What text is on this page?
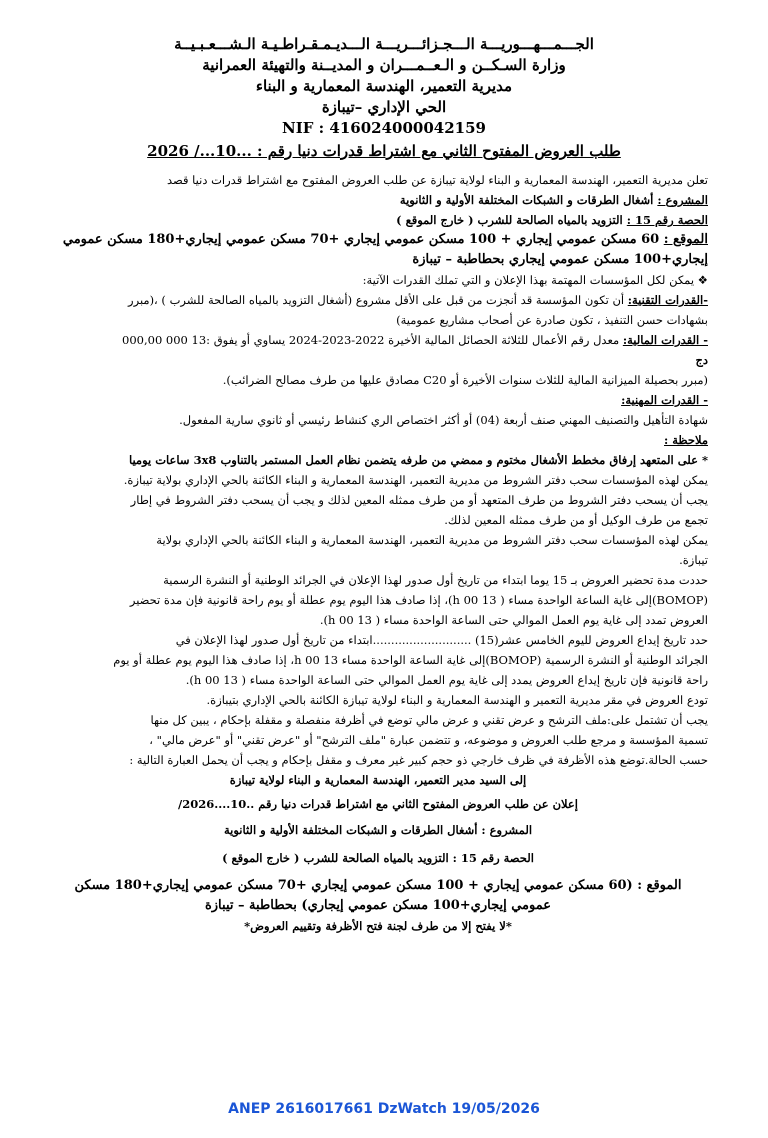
الجـــمـــهـــوريـــة الـــجـزائـــريـــة الـــديـمـقـراطـيـة الـشـــعـبـيــة
وزارة السـكــن و الـعــمـــران و المديــنة والتهيئة العمرانية
مديرية التعمير، الهندسة المعمارية و البناء
الحي الإداري –تيبازة
NIF : 416024000042159
طلب العروض المفتوح الثاني مع اشتراط قدرات دنيا رقم : ...10.../ 2026

تعلن مديرية التعمير، الهندسة المعمارية و البناء لولاية تيبازة عن طلب العروض المفتوح مع اشتراط قدرات دنيا قصد

المشروع : أشغال الطرقات و الشبكات المختلفة الأولية و الثانوية

الحصة رقم 15 : التزويد بالمياه الصالحة للشرب ( خارج الموقع )

الموقع : 60 مسكن عمومي إيجاري + 100 مسكن عمومي إيجاري +70 مسكن عمومي إيجاري+180 مسكن عمومي

إيجاري+100 مسكن عمومي إيجاري بحطاطبة – تيبازة

❖ يمكن لكل المؤسسات المهتمة بهذا الإعلان و التي تملك القدرات الآتية:

-القدرات التقنية: أن تكون المؤسسة قد أنجزت من قبل على الأقل مشروع (أشغال التزويد بالمياه الصالحة للشرب ) ،(مبرر

بشهادات حسن التنفيذ ، تكون صادرة عن أصحاب مشاريع عمومية)

- القدرات المالية: معدل رقم الأعمال للثلاثة الحصائل المالية الأخيرة 2022-2023-2024 يساوي أو يفوق :13 000 000,00

دج

(مبرر بحصيلة الميزانية المالية للثلاث سنوات الأخيرة أو C20 مصادق عليها من طرف مصالح الضرائب).

- القدرات المهنية:

شهادة التأهيل والتصنيف المهني صنف أربعة (04) أو أكثر اختصاص الري كنشاط رئيسي أو ثانوي سارية المفعول.

ملاحظة :

* على المتعهد إرفاق مخطط الأشغال مختوم و ممضي من طرفه يتضمن نظام العمل المستمر بالتناوب 3x8 ساعات يوميا

يمكن لهذه المؤسسات سحب دفتر الشروط من مديرية التعمير، الهندسة المعمارية و البناء الكائنة بالحي الإداري بولاية تيبازة.

يجب أن يسحب دفتر الشروط من طرف المتعهد أو من طرف ممثله المعين لذلك و يجب أن يسحب دفتر الشروط في إطار

تجمع من طرف الوكيل أو من طرف ممثله المعين لذلك.

يمكن لهذه المؤسسات سحب دفتر الشروط من مديرية التعمير، الهندسة المعمارية و البناء الكائنة بالحي الإداري بولاية

تيبازة.

حددت مدة تحضير العروض بـ 15 يوما ابتداء من تاريخ أول صدور لهذا الإعلان في الجرائد الوطنية أو النشرة الرسمية

(BOMOP)إلى غاية الساعة الواحدة مساء ( 13 h 00)، إذا صادف هذا اليوم يوم عطلة أو يوم راحة قانونية فإن مدة تحضير

العروض تمدد إلى غاية يوم العمل الموالي حتى الساعة الواحدة مساء ( 13 h 00).

حدد تاريخ إيداع العروض لليوم الخامس عشر(15) ...........................ابتداء من تاريخ أول صدور لهذا الإعلان في

الجرائد الوطنية أو النشرة الرسمية (BOMOP)إلى غاية الساعة الواحدة مساء 13 h 00، إذا صادف هذا اليوم يوم عطلة أو يوم

راحة قانونية فإن تاريخ إيداع العروض يمدد إلى غاية يوم العمل الموالي حتى الساعة الواحدة مساء ( 13 h 00).

تودع العروض في مقر مديرية التعمير و الهندسة المعمارية و البناء لولاية تيبازة الكائنة بالحي الإداري بتيبازة.

يجب أن تشتمل على:ملف الترشح و عرض تقني و عرض مالي توضع في أظرفة منفصلة و مقفلة بإحكام ، يبين كل منها

تسمية المؤسسة و مرجع طلب العروض و موضوعه، و تتضمن عبارة "ملف الترشح" أو "عرض تقني" أو "عرض مالي" ،

حسب الحالة.توضع هذه الأظرفة في ظرف خارجي ذو حجم كبير غير معرف و مقفل بإحكام و يجب أن يحمل العبارة التالية :

إلى السيد مدير التعمير، الهندسة المعمارية و البناء لولاية تيبازة

إعلان عن طلب العروض المفتوح الثاني مع اشتراط قدرات دنيا رقم ..10....2026/

المشروع : أشغال الطرقات و الشبكات المختلفة الأولية و الثانوية

الحصة رقم 15 : التزويد بالمياه الصالحة للشرب ( خارج الموقع )

الموقع : (60 مسكن عمومي إيجاري + 100 مسكن عمومي إيجاري +70 مسكن عمومي إيجاري+180 مسكن

عمومي إيجاري+100 مسكن عمومي إيجاري) بحطاطبة – تيبازة

*لا يفتح إلا من طرف لجنة فتح الأظرفة وتقييم العروض*

ANEP 2616017661 DzWatch 19/05/2026
